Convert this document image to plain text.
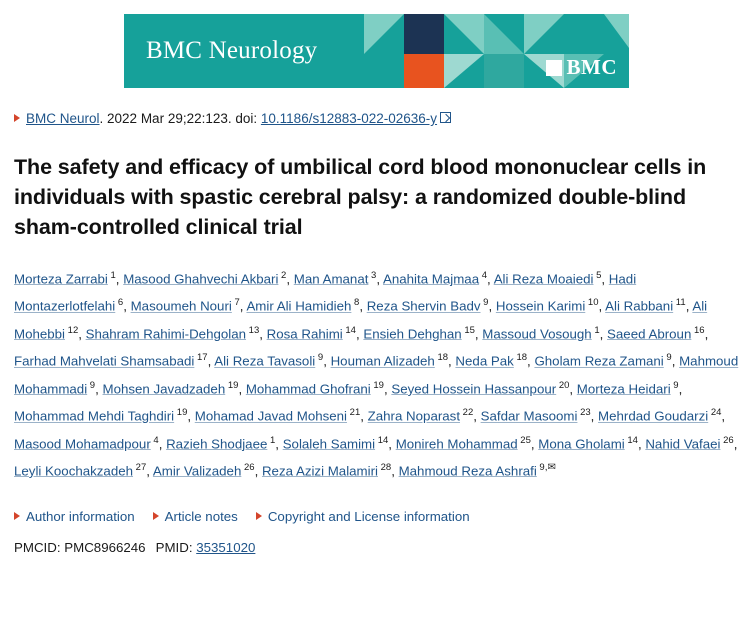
BMC Neurology
BMC
BMC Neurol. 2022 Mar 29;22:123. doi: 10.1186/s12883-022-02636-y
The safety and efficacy of umbilical cord blood mononuclear cells in individuals with spastic cerebral palsy: a randomized double-blind sham-controlled clinical trial
Morteza Zarrabi $^1$, Masood Ghahvechi Akbari $^2$, Man Amanat $^3$, Anahita Majmaa $^4$, Ali Reza Moaiedi $^5$, Hadi Montazerlotfelahi $^6$, Masoumeh Nouri $^7$, Amir Ali Hamidieh $^8$, Reza Shervin Badv $^9$, Hossein Karimi $^{10}$, Ali Rabbani $^{11}$, Ali Mohebbi $^{12}$, Shahram Rahimi-Dehgolan $^{13}$, Rosa Rahimi $^{14}$, Ensieh Dehghan $^{15}$, Massoud Vosough $^1$, Saeed Abroun $^{16}$, Farhad Mahvelati Shamsabadi $^{17}$, Ali Reza Tavasoli $^9$, Houman Alizadeh $^{18}$, Neda Pak $^{18}$, Gholam Reza Zamani $^9$, Mahmoud Mohammadi $^9$, Mohsen Javadzadeh $^{19}$, Mohammad Ghofrani $^{19}$, Seyed Hossein Hassanpour $^{20}$, Morteza Heidari $^9$, Mohammad Mehdi Taghdiri $^{19}$, Mohamad Javad Mohseni $^{21}$, Zahra Noparast $^{22}$, Safdar Masoomi $^{23}$, Mehrdad Goudarzi $^{24}$, Masood Mohamadpour $^4$, Razieh Shodjaee $^1$, Solaleh Samimi $^{14}$, Monireh Mohammad $^{25}$, Mona Gholami $^{14}$, Nahid Vafaei $^{26}$, Leyli Koochakzadeh $^{27}$, Amir Valizadeh $^{26}$, Reza Azizi Malamiri $^{28}$, Mahmoud Reza Ashrafi $^{9,✉}$
Author information	Article notes	Copyright and License information
PMCID: PMC8966246 PMID: 35351020
